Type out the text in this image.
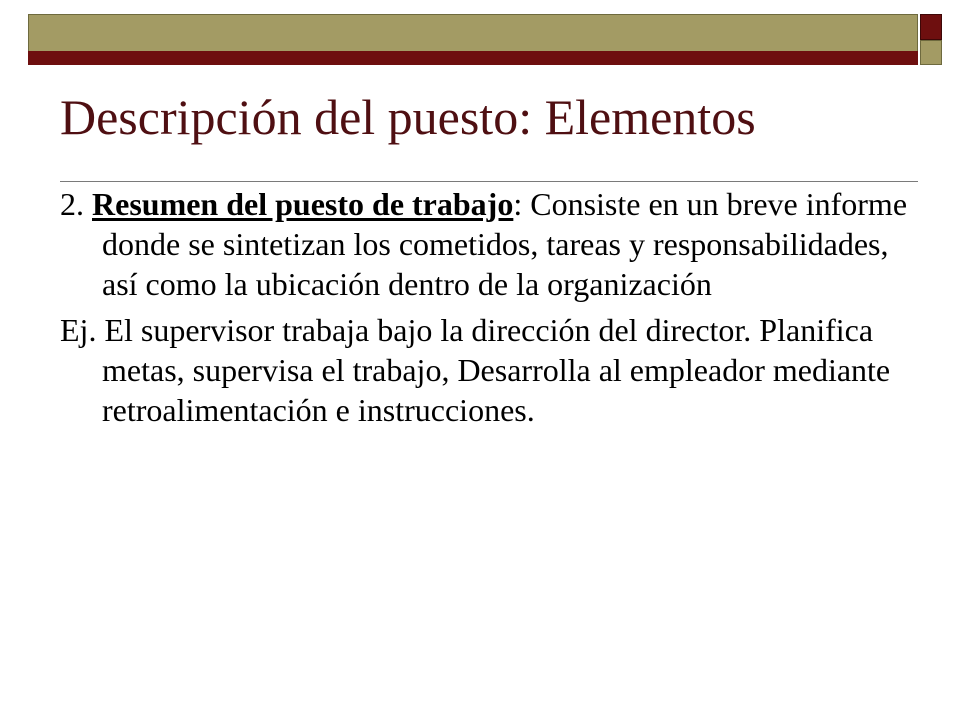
Descripción del puesto: Elementos

2. Resumen del puesto de trabajo: Consiste en un breve informe donde se sintetizan los cometidos, tareas y responsabilidades, así como la ubicación dentro de la organización

Ej. El supervisor trabaja bajo la dirección del director. Planifica metas, supervisa el trabajo, Desarrolla al empleador mediante retroalimentación e instrucciones.
